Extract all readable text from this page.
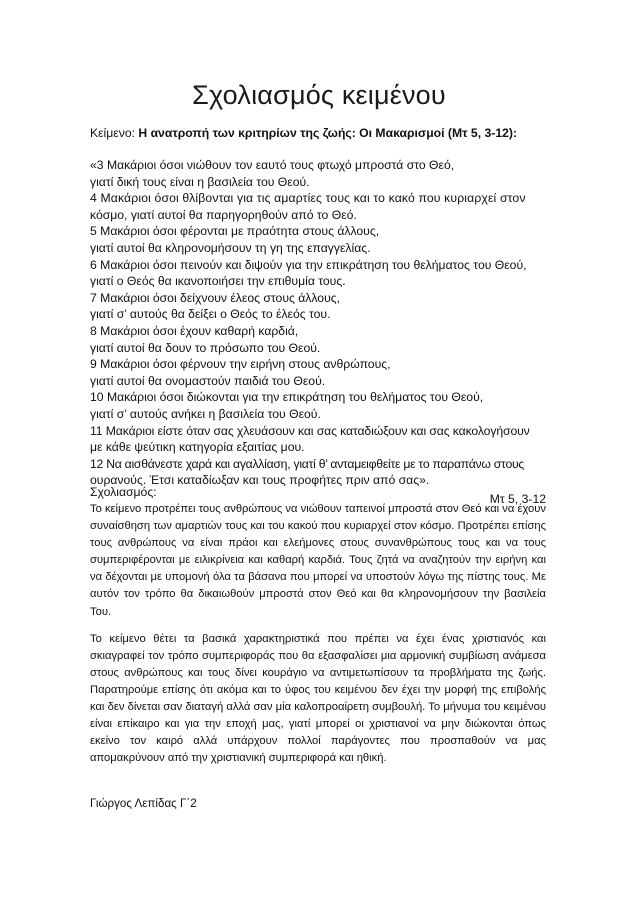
Σχολιασμός κειμένου
Κείμενο: Η ανατροπή των κριτηρίων της ζωής: Οι Μακαρισμοί (Μτ 5, 3-12):
«3 Μακάριοι όσοι νιώθουν τον εαυτό τους φτωχό μπροστά στο Θεό,
γιατί δική τους είναι η βασιλεία του Θεού.
4 Μακάριοι όσοι θλίβονται για τις αμαρτίες τους και το κακό που κυριαρχεί στον
κόσμο, γιατί αυτοί θα παρηγορηθούν από το Θεό.
5 Μακάριοι όσοι φέρονται με πραότητα στους άλλους,
γιατί αυτοί θα κληρονομήσουν τη γη της επαγγελίας.
6 Μακάριοι όσοι πεινούν και διψούν για την επικράτηση του θελήματος του Θεού,
γιατί ο Θεός θα ικανοποιήσει την επιθυμία τους.
7 Μακάριοι όσοι δείχνουν έλεος στους άλλους,
γιατί σ’ αυτούς θα δείξει ο Θεός το έλεός του.
8 Μακάριοι όσοι έχουν καθαρή καρδιά,
γιατί αυτοί θα δουν το πρόσωπο του Θεού.
9 Μακάριοι όσοι φέρνουν την ειρήνη στους ανθρώπους,
γιατί αυτοί θα ονομαστούν παιδιά του Θεού.
10 Μακάριοι όσοι διώκονται για την επικράτηση του θελήματος του Θεού,
γιατί σ’ αυτούς ανήκει η βασιλεία του Θεού.
11 Μακάριοι είστε όταν σας χλευάσουν και σας καταδιώξουν και σας κακολογήσουν
με κάθε ψεύτικη κατηγορία εξαιτίας μου.
12 Να αισθάνεστε χαρά και αγαλλίαση, γιατί θ’ ανταμειφθείτε με το παραπάνω στους
ουρανούς. Έτσι καταδίωξαν και τους προφήτες πριν από σας».
Μτ 5, 3-12
Σχολιασμός:

Το κείμενο προτρέπει τους ανθρώπους να νιώθουν ταπεινοί μπροστά στον Θεό και να έχουν συναίσθηση των αμαρτιών τους και του κακού που κυριαρχεί στον κόσμο. Προτρέπει επίσης τους ανθρώπους να είναι πράοι και ελεήμονες στους συνανθρώπους τους και να τους συμπεριφέρονται με ειλικρίνεια και καθαρή καρδιά. Τους ζητά να αναζητούν την ειρήνη και να δέχονται με υπομονή όλα τα βάσανα που μπορεί να υποστούν λόγω της πίστης τους. Με αυτόν τον τρόπο θα δικαιωθούν μπροστά στον Θεό και θα κληρονομήσουν την βασιλεία Του.

Το κείμενο θέτει τα βασικά χαρακτηριστικά που πρέπει να έχει ένας χριστιανός και σκιαγραφεί τον τρόπο συμπεριφοράς που θα εξασφαλίσει μια αρμονική συμβίωση ανάμεσα στους ανθρώπους και τους δίνει κουράγιο να αντιμετωπίσουν τα προβλήματα της ζωής. Παρατηρούμε επίσης ότι ακόμα και το ύφος του κειμένου δεν έχει την μορφή της επιβολής και δεν δίνεται σαν διαταγή αλλά σαν μία καλοπροαίρετη συμβουλή. Το μήνυμα του κειμένου είναι επίκαιρο και για την εποχή μας, γιατί μπορεί οι χριστιανοί να μην διώκονται όπως εκείνο τον καιρό αλλά υπάρχουν πολλοί παράγοντες που προσπαθούν να μας απομακρύνουν από την χριστιανική συμπεριφορά και ηθική.

Γιώργος Λεπίδας Γ΄2
